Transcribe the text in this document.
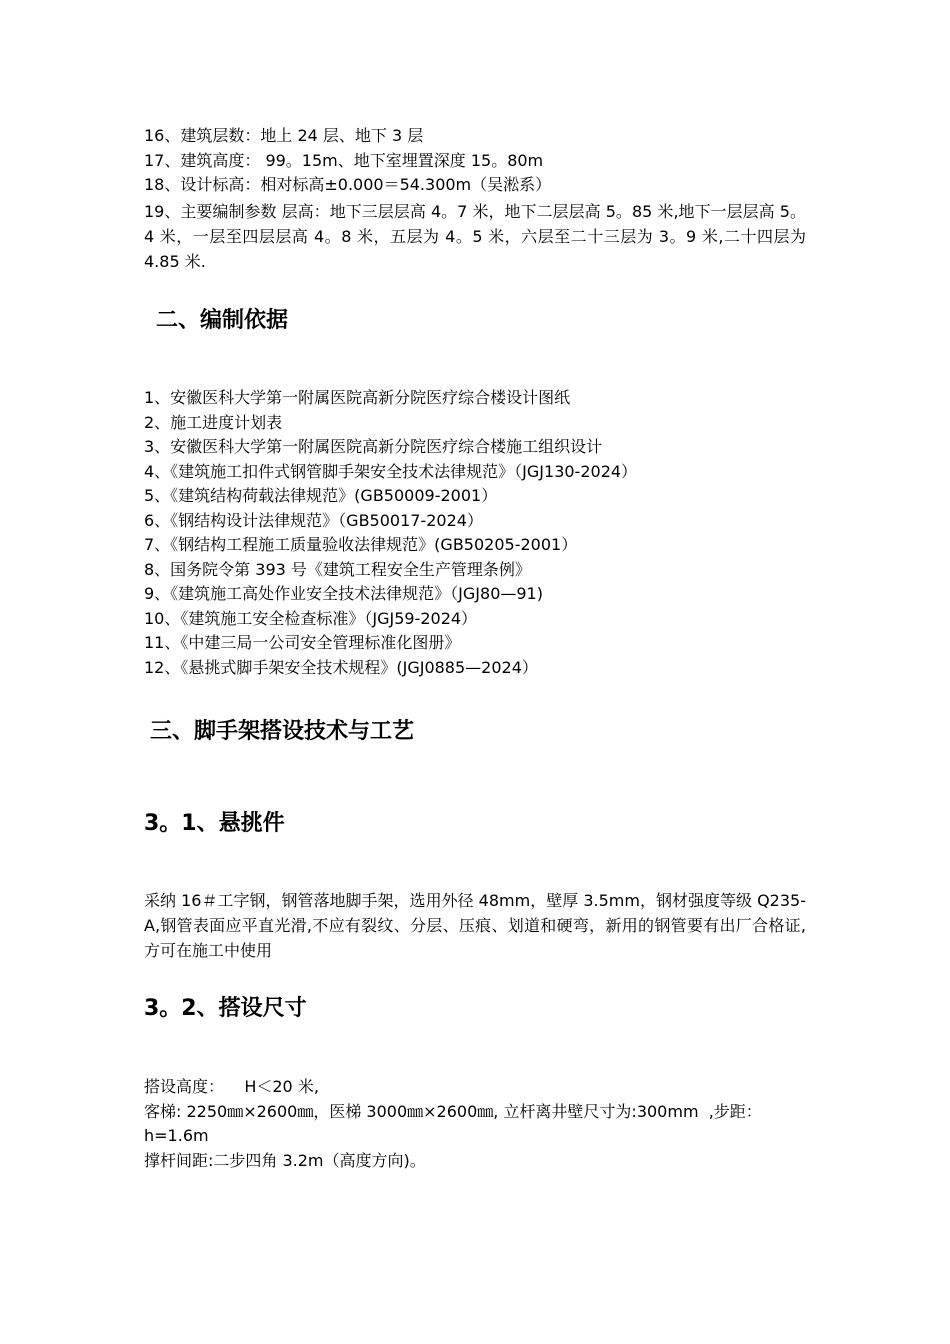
16、建筑层数：地上 24 层、地下 3 层
17、建筑高度： 99。15m、地下室埋置深度 15。80m
18、设计标高：相对标高±0.000＝54.300m（吴淞系）
19、主要编制参数 层高：地下三层层高 4。7 米，地下二层层高 5。85 米,地下一层层高 5。4 米，一层至四层层高 4。8 米，五层为 4。5 米，六层至二十三层为 3。9 米,二十四层为 4.85 米.
二、编制依据
1、安徽医科大学第一附属医院高新分院医疗综合楼设计图纸
2、施工进度计划表
3、安徽医科大学第一附属医院高新分院医疗综合楼施工组织设计
4、《建筑施工扣件式钢管脚手架安全技术法律规范》（JGJ130-2024）
5、《建筑结构荷载法律规范》(GB50009-2001）
6、《钢结构设计法律规范》（GB50017-2024）
7、《钢结构工程施工质量验收法律规范》(GB50205-2001）
8、国务院令第 393 号《建筑工程安全生产管理条例》
9、《建筑施工高处作业安全技术法律规范》（JGJ80—91)
10、《建筑施工安全检查标准》（JGJ59-2024）
11、《中建三局一公司安全管理标准化图册》
12、《悬挑式脚手架安全技术规程》(JGJ0885—2024）
三、脚手架搭设技术与工艺
3。1、悬挑件
采纳 16＃工字钢，钢管落地脚手架，选用外径 48mm，壁厚 3.5mm，钢材强度等级 Q235-A,钢管表面应平直光滑,不应有裂纹、分层、压痕、划道和硬弯，新用的钢管要有出厂合格证,方可在施工中使用
3。2、搭设尺寸
搭设高度：    H＜20 米,
客梯: 2250㎜×2600㎜，医梯 3000㎜×2600㎜, 立杆离井壁尺寸为:300mm  ,步距：
h=1.6m
撑杆间距:二步四角 3.2m（高度方向)。
